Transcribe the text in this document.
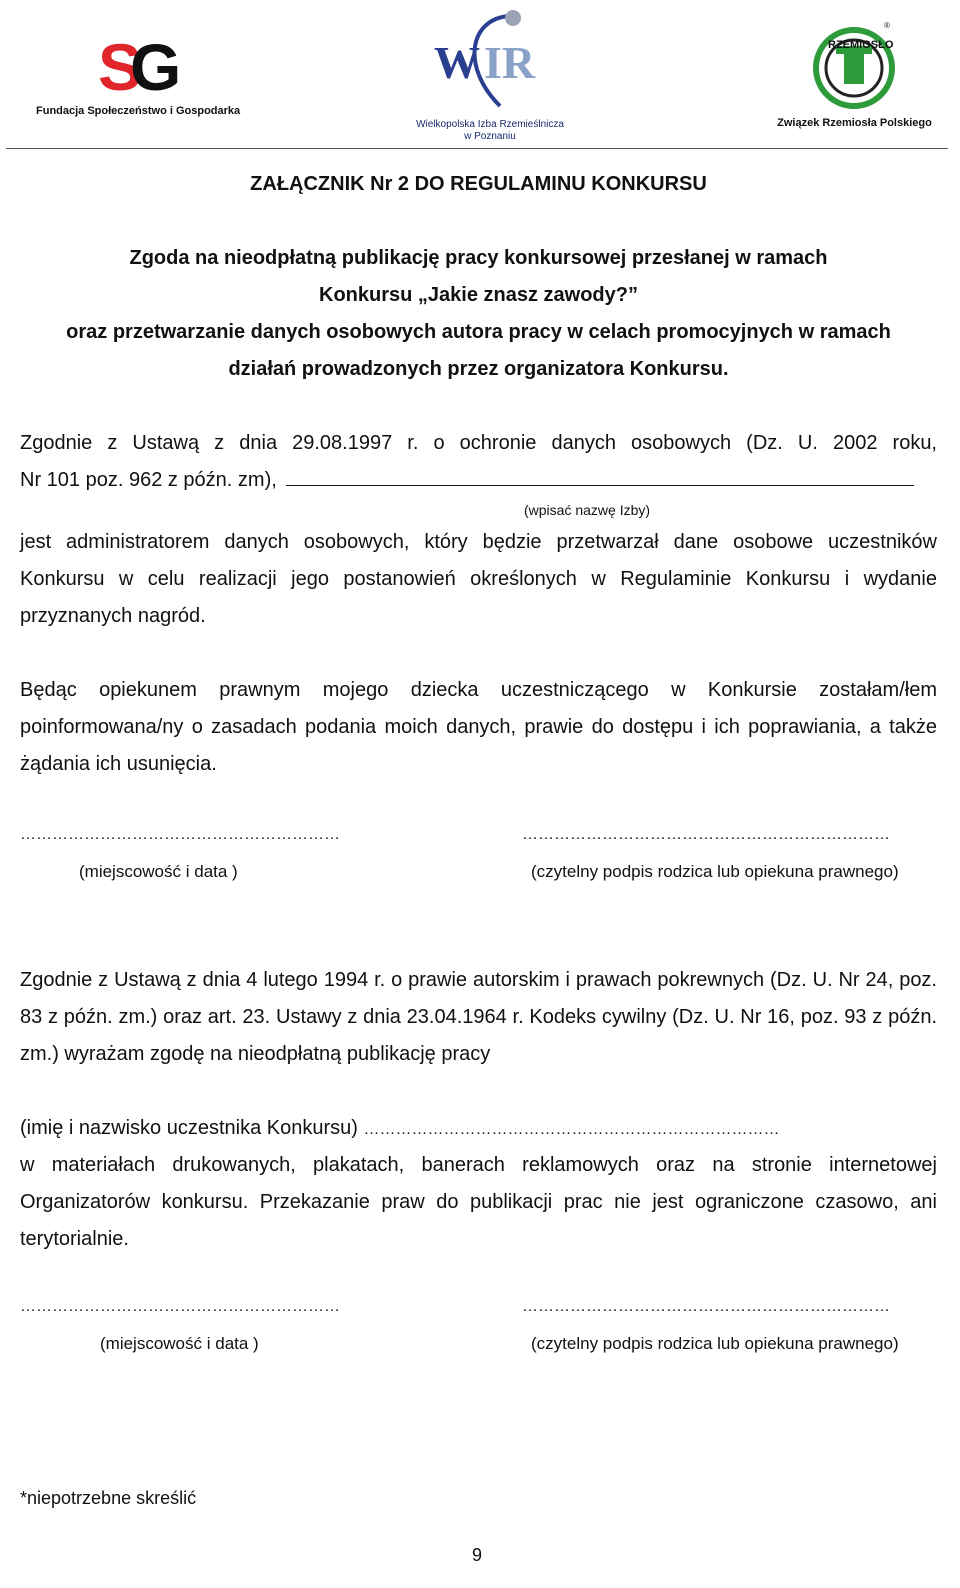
S
G
Fundacja Społeczeństwo i Gospodarka
W IR
Wielkopolska Izba Rzemieślnicza
w Poznaniu
RZEMIOSŁO
®
Związek Rzemiosła Polskiego
ZAŁĄCZNIK Nr 2 DO REGULAMINU KONKURSU
Zgoda na nieodpłatną publikację pracy konkursowej przesłanej w ramach
Konkursu „Jakie znasz zawody?”
oraz przetwarzanie danych osobowych autora pracy w celach promocyjnych w ramach
działań prowadzonych przez organizatora Konkursu.
Zgodnie z Ustawą z dnia 29.08.1997 r. o ochronie danych osobowych (Dz. U. 2002 roku,
Nr 101 poz. 962 z późn. zm),
(wpisać nazwę Izby)
jest administratorem danych osobowych, który będzie przetwarzał dane osobowe uczestników Konkursu w celu realizacji jego postanowień określonych w Regulaminie Konkursu i wydanie przyznanych nagród.
Będąc opiekunem prawnym mojego dziecka uczestniczącego w Konkursie zostałam/łem poinformowana/ny o zasadach podania moich danych, prawie do dostępu i ich poprawiania, a także żądania ich usunięcia.
……………………………………………………	……………………………………………………………
(miejscowość i data )	(czytelny podpis rodzica lub opiekuna prawnego)
Zgodnie z Ustawą z dnia 4 lutego 1994 r. o prawie autorskim i prawach pokrewnych (Dz. U. Nr 24, poz. 83 z późn. zm.) oraz art. 23. Ustawy z dnia 23.04.1964 r. Kodeks cywilny (Dz. U. Nr 16, poz. 93 z późn. zm.) wyrażam zgodę na nieodpłatną publikację pracy
(imię i nazwisko uczestnika Konkursu) ……………………………………………………………………
w materiałach drukowanych, plakatach, banerach reklamowych oraz na stronie internetowej Organizatorów konkursu. Przekazanie praw do publikacji prac nie jest ograniczone czasowo, ani terytorialnie.
……………………………………………………	……………………………………………………………
(miejscowość i data )	(czytelny podpis rodzica lub opiekuna prawnego)
*niepotrzebne skreślić
9
